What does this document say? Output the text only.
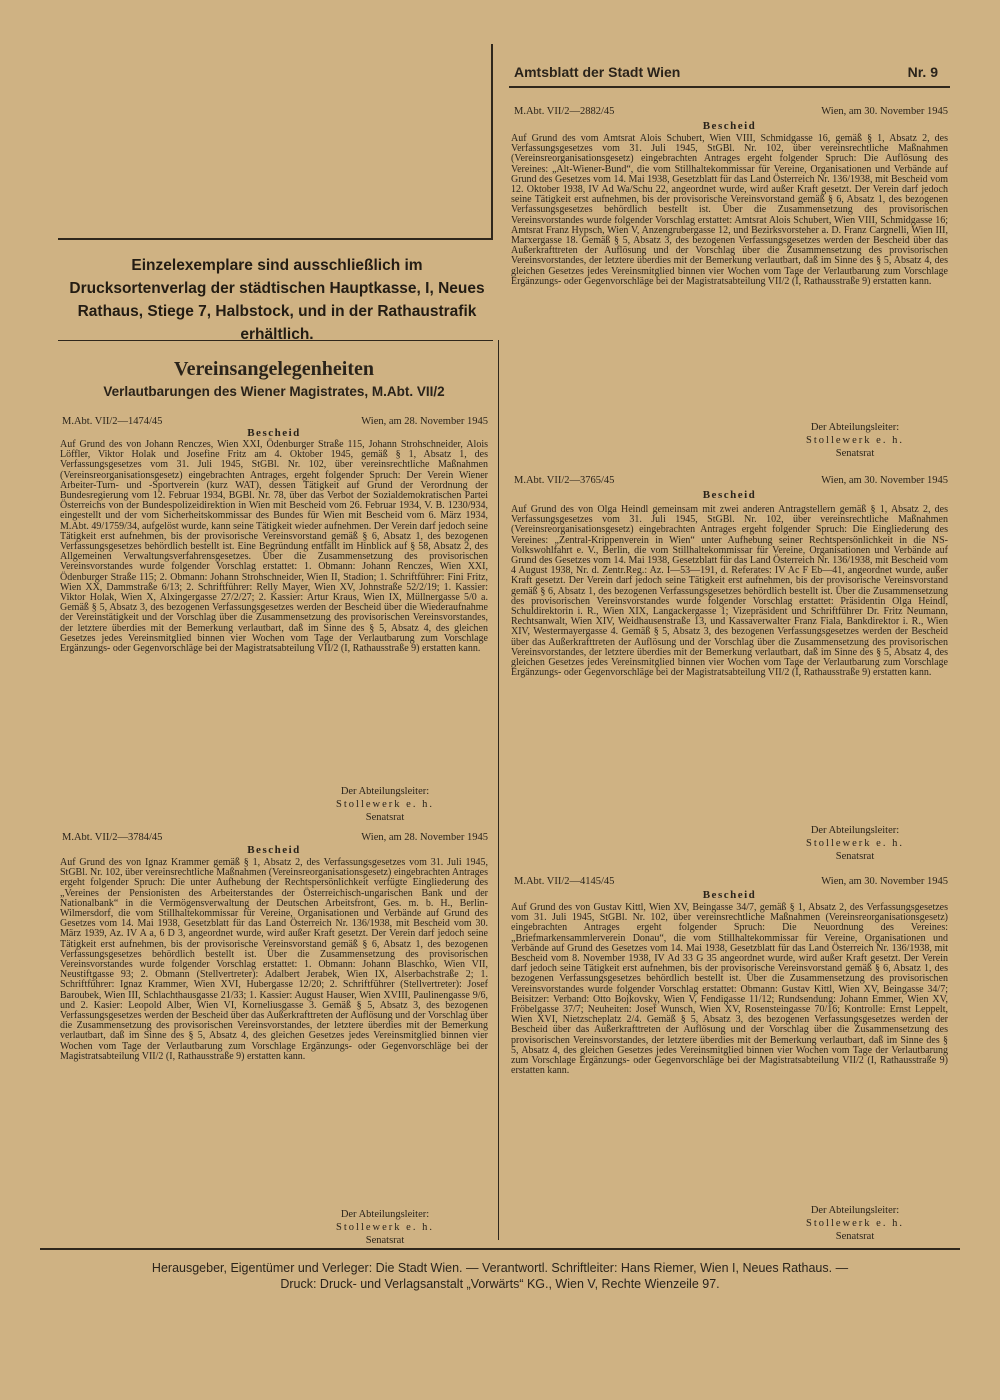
Amtsblatt der Stadt Wien	Nr. 9
Einzelexemplare sind ausschließlich im Drucksortenverlag der städtischen Hauptkasse, I, Neues Rathaus, Stiege 7, Halbstock, und in der Rathaustrafik erhältlich.
Vereinsangelegenheiten
Verlautbarungen des Wiener Magistrates, M.Abt. VII/2
M.Abt. VII/2—1474/45	Wien, am 28. November 1945
Bescheid
Auf Grund des von Johann Renczes, Wien XXI, Ödenburger Straße 115, Johann Strohschneider, Alois Löffler, Viktor Holak und Josefine Fritz am 4. Oktober 1945, gemäß § 1, Absatz 1, des Verfassungsgesetzes vom 31. Juli 1945, StGBl. Nr. 102, über vereinsrechtliche Maßnahmen (Vereinsreorganisationsgesetz) eingebrachten Antrages, ergeht folgender Spruch: Der Verein Wiener Arbeiter-Turn- und -Sportverein (kurz WAT), dessen Tätigkeit auf Grund der Verordnung der Bundesregierung vom 12. Februar 1934, BGBl. Nr. 78, über das Verbot der Sozialdemokratischen Partei Österreichs von der Bundespolizeidirektion in Wien mit Bescheid vom 26. Februar 1934, V. B. 1230/934, eingestellt und der vom Sicherheitskommissar des Bundes für Wien mit Bescheid vom 6. März 1934, M.Abt. 49/1759/34, aufgelöst wurde, kann seine Tätigkeit wieder aufnehmen. Der Verein darf jedoch seine Tätigkeit erst aufnehmen, bis der provisorische Vereinsvorstand gemäß § 6, Absatz 1, des bezogenen Verfassungsgesetzes behördlich bestellt ist. Eine Begründung entfällt im Hinblick auf § 58, Absatz 2, des Allgemeinen Verwaltungsverfahrensgesetzes. Über die Zusammensetzung des provisorischen Vereinsvorstandes wurde folgender Vorschlag erstattet: 1. Obmann: Johann Renczes, Wien XXI, Ödenburger Straße 115; 2. Obmann: Johann Strohschneider, Wien II, Stadion; 1. Schriftführer: Fini Fritz, Wien XX, Dammstraße 6/13; 2. Schriftführer: Relly Mayer, Wien XV, Johnstraße 52/2/19; 1. Kassier: Viktor Holak, Wien X, Alxingergasse 27/2/27; 2. Kassier: Artur Kraus, Wien IX, Müllnergasse 5/0 a. Gemäß § 5, Absatz 3, des bezogenen Verfassungsgesetzes werden der Bescheid über die Wiederaufnahme der Vereinstätigkeit und der Vorschlag über die Zusammensetzung des provisorischen Vereinsvorstandes, der letztere überdies mit der Bemerkung verlautbart, daß im Sinne des § 5, Absatz 4, des gleichen Gesetzes jedes Vereinsmitglied binnen vier Wochen vom Tage der Verlautbarung zum Vorschlage Ergänzungs- oder Gegenvorschläge bei der Magistratsabteilung VII/2 (I, Rathausstraße 9) erstatten kann.
Der Abteilungsleiter:
Stollewerk e. h.
Senatsrat
M.Abt. VII/2—3784/45	Wien, am 28. November 1945
Bescheid
Auf Grund des von Ignaz Krammer gemäß § 1, Absatz 2, des Verfassungsgesetzes vom 31. Juli 1945, StGBl. Nr. 102, über vereinsrechtliche Maßnahmen (Vereinsreorganisationsgesetz) eingebrachten Antrages ergeht folgender Spruch: Die unter Aufhebung der Rechtspersönlichkeit verfügte Eingliederung des „Vereines der Pensionisten des Arbeiterstandes der Österreichisch-ungarischen Bank und der Nationalbank“ in die Vermögensverwaltung der Deutschen Arbeitsfront, Ges. m. b. H., Berlin-Wilmersdorf, die vom Stillhaltekommissar für Vereine, Organisationen und Verbände auf Grund des Gesetzes vom 14. Mai 1938, Gesetzblatt für das Land Österreich Nr. 136/1938, mit Bescheid vom 30. März 1939, Az. IV A a, 6 D 3, angeordnet wurde, wird außer Kraft gesetzt. Der Verein darf jedoch seine Tätigkeit erst aufnehmen, bis der provisorische Vereinsvorstand gemäß § 6, Absatz 1, des bezogenen Verfassungsgesetzes behördlich bestellt ist. Über die Zusammensetzung des provisorischen Vereinsvorstandes wurde folgender Vorschlag erstattet: 1. Obmann: Johann Blaschko, Wien VII, Neustiftgasse 93; 2. Obmann (Stellvertreter): Adalbert Jerabek, Wien IX, Alserbachstraße 2; 1. Schriftführer: Ignaz Krammer, Wien XVI, Hubergasse 12/20; 2. Schriftführer (Stellvertreter): Josef Baroubek, Wien III, Schlachthausgasse 21/33; 1. Kassier: August Hauser, Wien XVIII, Paulinengasse 9/6, und 2. Kasier: Leopold Alber, Wien VI, Korneliusgasse 3. Gemäß § 5, Absatz 3, des bezogenen Verfassungsgesetzes werden der Bescheid über das Außerkrafttreten der Auflösung und der Vorschlag über die Zusammensetzung des provisorischen Vereinsvorstandes, der letztere überdies mit der Bemerkung verlautbart, daß im Sinne des § 5, Absatz 4, des gleichen Gesetzes jedes Vereinsmitglied binnen vier Wochen vom Tage der Verlautbarung zum Vorschlage Ergänzungs- oder Gegenvorschläge bei der Magistratsabteilung VII/2 (I, Rathausstraße 9) erstatten kann.
Der Abteilungsleiter:
Stollewerk e. h.
Senatsrat
M.Abt. VII/2—2882/45	Wien, am 30. November 1945
Bescheid
Auf Grund des vom Amtsrat Alois Schubert, Wien VIII, Schmidgasse 16, gemäß § 1, Absatz 2, des Verfassungsgesetzes vom 31. Juli 1945, StGBl. Nr. 102, über vereinsrechtliche Maßnahmen (Vereinsreorganisationsgesetz) eingebrachten Antrages ergeht folgender Spruch: Die Auflösung des Vereines: „Alt-Wiener-Bund“, die vom Stillhaltekommissar für Vereine, Organisationen und Verbände auf Grund des Gesetzes vom 14. Mai 1938, Gesetzblatt für das Land Österreich Nr. 136/1938, mit Bescheid vom 12. Oktober 1938, IV Ad Wa/Schu 22, angeordnet wurde, wird außer Kraft gesetzt. Der Verein darf jedoch seine Tätigkeit erst aufnehmen, bis der provisorische Vereinsvorstand gemäß § 6, Absatz 1, des bezogenen Verfassungsgesetzes behördlich bestellt ist. Über die Zusammensetzung des provisorischen Vereinsvorstandes wurde folgender Vorschlag erstattet: Amtsrat Alois Schubert, Wien VIII, Schmidgasse 16; Amtsrat Franz Hypsch, Wien V, Anzengrubergasse 12, und Bezirksvorsteher a. D. Franz Cargnelli, Wien III, Marxergasse 18. Gemäß § 5, Absatz 3, des bezogenen Verfassungsgesetzes werden der Bescheid über das Außerkrafttreten der Auflösung und der Vorschlag über die Zusammensetzung des provisorischen Vereinsvorstandes, der letztere überdies mit der Bemerkung verlautbart, daß im Sinne des § 5, Absatz 4, des gleichen Gesetzes jedes Vereinsmitglied binnen vier Wochen vom Tage der Verlautbarung zum Vorschlage Ergänzungs- oder Gegenvorschläge bei der Magistratsabteilung VII/2 (I, Rathausstraße 9) erstatten kann.
Der Abteilungsleiter:
Stollewerk e. h.
Senatsrat
M.Abt. VII/2—3765/45	Wien, am 30. November 1945
Bescheid
Auf Grund des von Olga Heindl gemeinsam mit zwei anderen Antragstellern gemäß § 1, Absatz 2, des Verfassungsgesetzes vom 31. Juli 1945, StGBl. Nr. 102, über vereinsrechtliche Maßnahmen (Vereinsreorganisationsgesetz) eingebrachten Antrages ergeht folgender Spruch: Die Eingliederung des Vereines: „Zentral-Krippenverein in Wien“ unter Aufhebung seiner Rechtspersönlichkeit in die NS-Volkswohlfahrt e. V., Berlin, die vom Stillhaltekommissar für Vereine, Organisationen und Verbände auf Grund des Gesetzes vom 14. Mai 1938, Gesetzblatt für das Land Österreich Nr. 136/1938, mit Bescheid vom 4 August 1938, Nr. d. Zentr.Reg.: Az. I—53—191, d. Referates: IV Ac F Eb—41, angeordnet wurde, außer Kraft gesetzt. Der Verein darf jedoch seine Tätigkeit erst aufnehmen, bis der provisorische Vereinsvorstand gemäß § 6, Absatz 1, des bezogenen Verfassungsgesetzes behördlich bestellt ist. Über die Zusammensetzung des provisorischen Vereinsvorstandes wurde folgender Vorschlag erstattet: Präsidentin Olga Heindl, Schuldirektorin i. R., Wien XIX, Langackergasse 1; Vizepräsident und Schriftführer Dr. Fritz Neumann, Rechtsanwalt, Wien XIV, Weidhausenstraße 13, und Kassaverwalter Franz Fiala, Bankdirektor i. R., Wien XIV, Westermayergasse 4. Gemäß § 5, Absatz 3, des bezogenen Verfassungsgesetzes werden der Bescheid über das Außerkrafttreten der Auflösung und der Vorschlag über die Zusammensetzung des provisorischen Vereinsvorstandes, der letztere überdies mit der Bemerkung verlautbart, daß im Sinne des § 5, Absatz 4, des gleichen Gesetzes jedes Vereinsmitglied binnen vier Wochen vom Tage der Verlautbarung zum Vorschlage Ergänzungs- oder Gegenvorschläge bei der Magistratsabteilung VII/2 (I, Rathausstraße 9) erstatten kann.
Der Abteilungsleiter:
Stollewerk e. h.
Senatsrat
M.Abt. VII/2—4145/45	Wien, am 30. November 1945
Bescheid
Auf Grund des von Gustav Kittl, Wien XV, Beingasse 34/7, gemäß § 1, Absatz 2, des Verfassungsgesetzes vom 31. Juli 1945, StGBl. Nr. 102, über vereinsrechtliche Maßnahmen (Vereinsreorganisationsgesetz) eingebrachten Antrages ergeht folgender Spruch: Die Neuordnung des Vereines: „Briefmarkensammlerverein Donau“, die vom Stillhaltekommissar für Vereine, Organisationen und Verbände auf Grund des Gesetzes vom 14. Mai 1938, Gesetzblatt für das Land Österreich Nr. 136/1938, mit Bescheid vom 8. November 1938, IV Ad 33 G 35 angeordnet wurde, wird außer Kraft gesetzt. Der Verein darf jedoch seine Tätigkeit erst aufnehmen, bis der provisorische Vereinsvorstand gemäß § 6, Absatz 1, des bezogenen Verfassungsgesetzes behördlich bestellt ist. Über die Zusammensetzung des provisorischen Vereinsvorstandes wurde folgender Vorschlag erstattet: Obmann: Gustav Kittl, Wien XV, Beingasse 34/7; Beisitzer: Verband: Otto Bojkovsky, Wien V, Fendigasse 11/12; Rundsendung: Johann Emmer, Wien XV, Fröbelgasse 37/7; Neuheiten: Josef Wunsch, Wien XV, Rosensteingasse 70/16; Kontrolle: Ernst Leppelt, Wien XVI, Nietzscheplatz 2/4. Gemäß § 5, Absatz 3, des bezogenen Verfassungsgesetzes werden der Bescheid über das Außerkrafttreten der Auflösung und der Vorschlag über die Zusammensetzung des provisorischen Vereinsvorstandes, der letztere überdies mit der Bemerkung verlautbart, daß im Sinne des § 5, Absatz 4, des gleichen Gesetzes jedes Vereinsmitglied binnen vier Wochen vom Tage der Verlautbarung zum Vorschlage Ergänzungs- oder Gegenvorschläge bei der Magistratsabteilung VII/2 (I, Rathausstraße 9) erstatten kann.
Der Abteilungsleiter:
Stollewerk e. h.
Senatsrat
Herausgeber, Eigentümer und Verleger: Die Stadt Wien. — Verantwortl. Schriftleiter: Hans Riemer, Wien I, Neues Rathaus. —
Druck: Druck- und Verlagsanstalt „Vorwärts“ KG., Wien V, Rechte Wienzeile 97.
